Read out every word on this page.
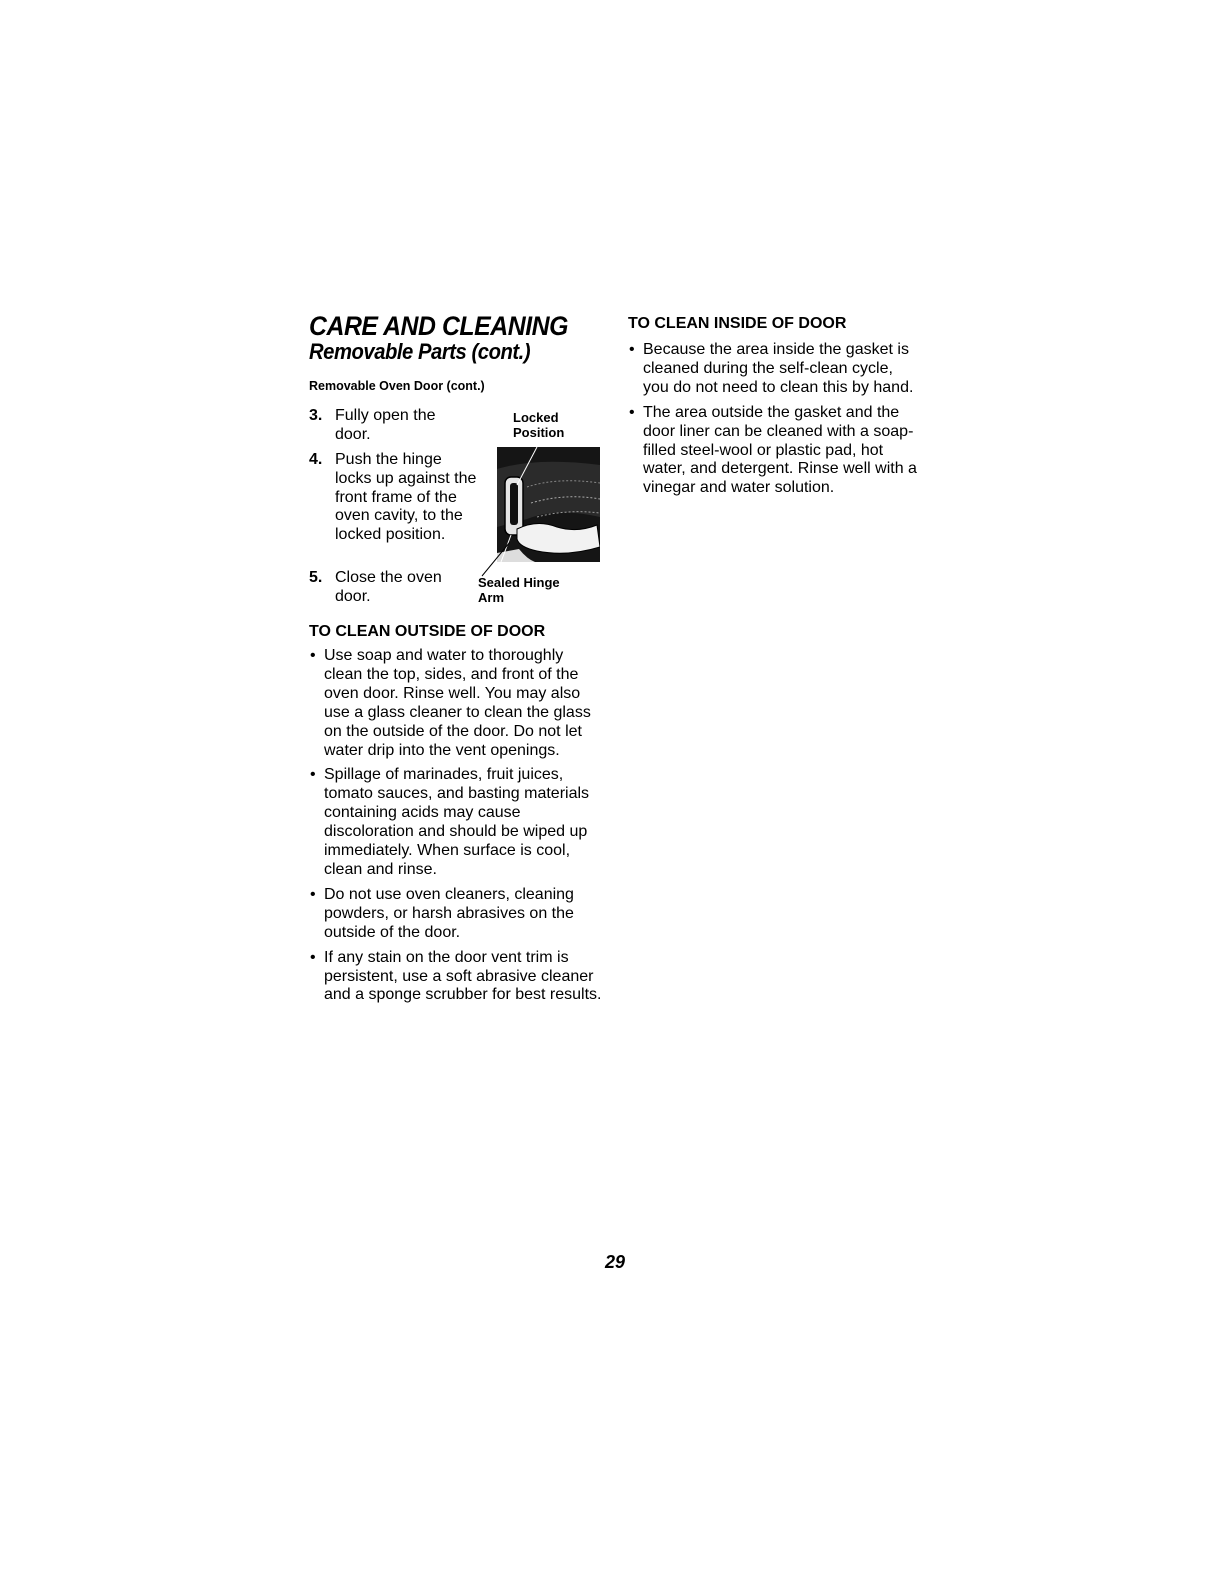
CARE AND CLEANING
Removable Parts (cont.)
Removable Oven Door (cont.)
3. Fully open the door.
4. Push the hinge locks up against the front frame of the oven cavity, to the locked position.
5. Close the oven door.
Locked
Position
Sealed Hinge
Arm
TO CLEAN OUTSIDE OF DOOR
• Use soap and water to thoroughly clean the top, sides, and front of the oven door. Rinse well. You may also use a glass cleaner to clean the glass on the outside of the door. Do not let water drip into the vent openings.
• Spillage of marinades, fruit juices, tomato sauces, and basting materials containing acids may cause discoloration and should be wiped up immediately. When surface is cool, clean and rinse.
• Do not use oven cleaners, cleaning powders, or harsh abrasives on the outside of the door.
• If any stain on the door vent trim is persistent, use a soft abrasive cleaner and a sponge scrubber for best results.
TO CLEAN INSIDE OF DOOR
• Because the area inside the gasket is cleaned during the self-clean cycle, you do not need to clean this by hand.
• The area outside the gasket and the door liner can be cleaned with a soap-filled steel-wool or plastic pad, hot water, and detergent. Rinse well with a vinegar and water solution.
29
